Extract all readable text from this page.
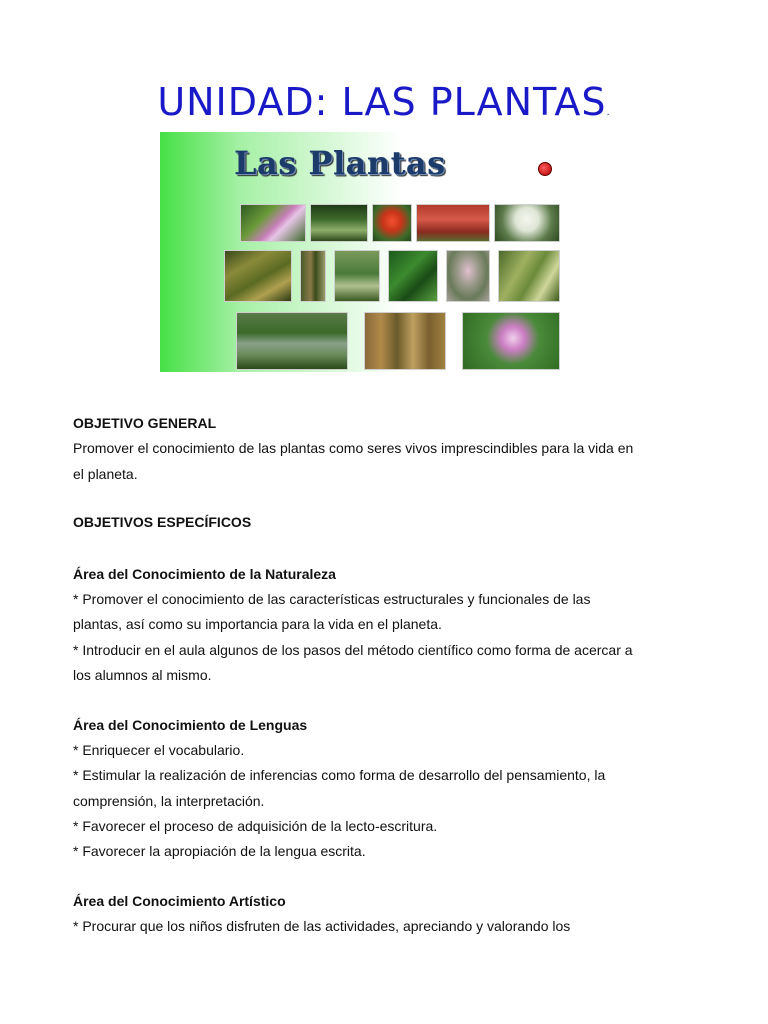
UNIDAD: LAS PLANTAS.
Las Plantas

OBJETIVO GENERAL

Promover el conocimiento de las plantas como seres vivos imprescindibles para la vida en

el planeta.

OBJETIVOS ESPECÍFICOS

Área del Conocimiento de la Naturaleza

* Promover el conocimiento de las características estructurales y funcionales de las

plantas, así como su importancia para la vida en el planeta.

* Introducir en el aula algunos de los pasos del método científico como forma de acercar a

los alumnos al mismo.

Área del Conocimiento de Lenguas

* Enriquecer el vocabulario.

* Estimular la realización de inferencias como forma de desarrollo del pensamiento, la

comprensión, la interpretación.

* Favorecer el proceso de adquisición de la lecto-escritura.

* Favorecer la apropiación de la lengua escrita.

Área del Conocimiento Artístico

* Procurar que los niños disfruten de las actividades, apreciando y valorando los
